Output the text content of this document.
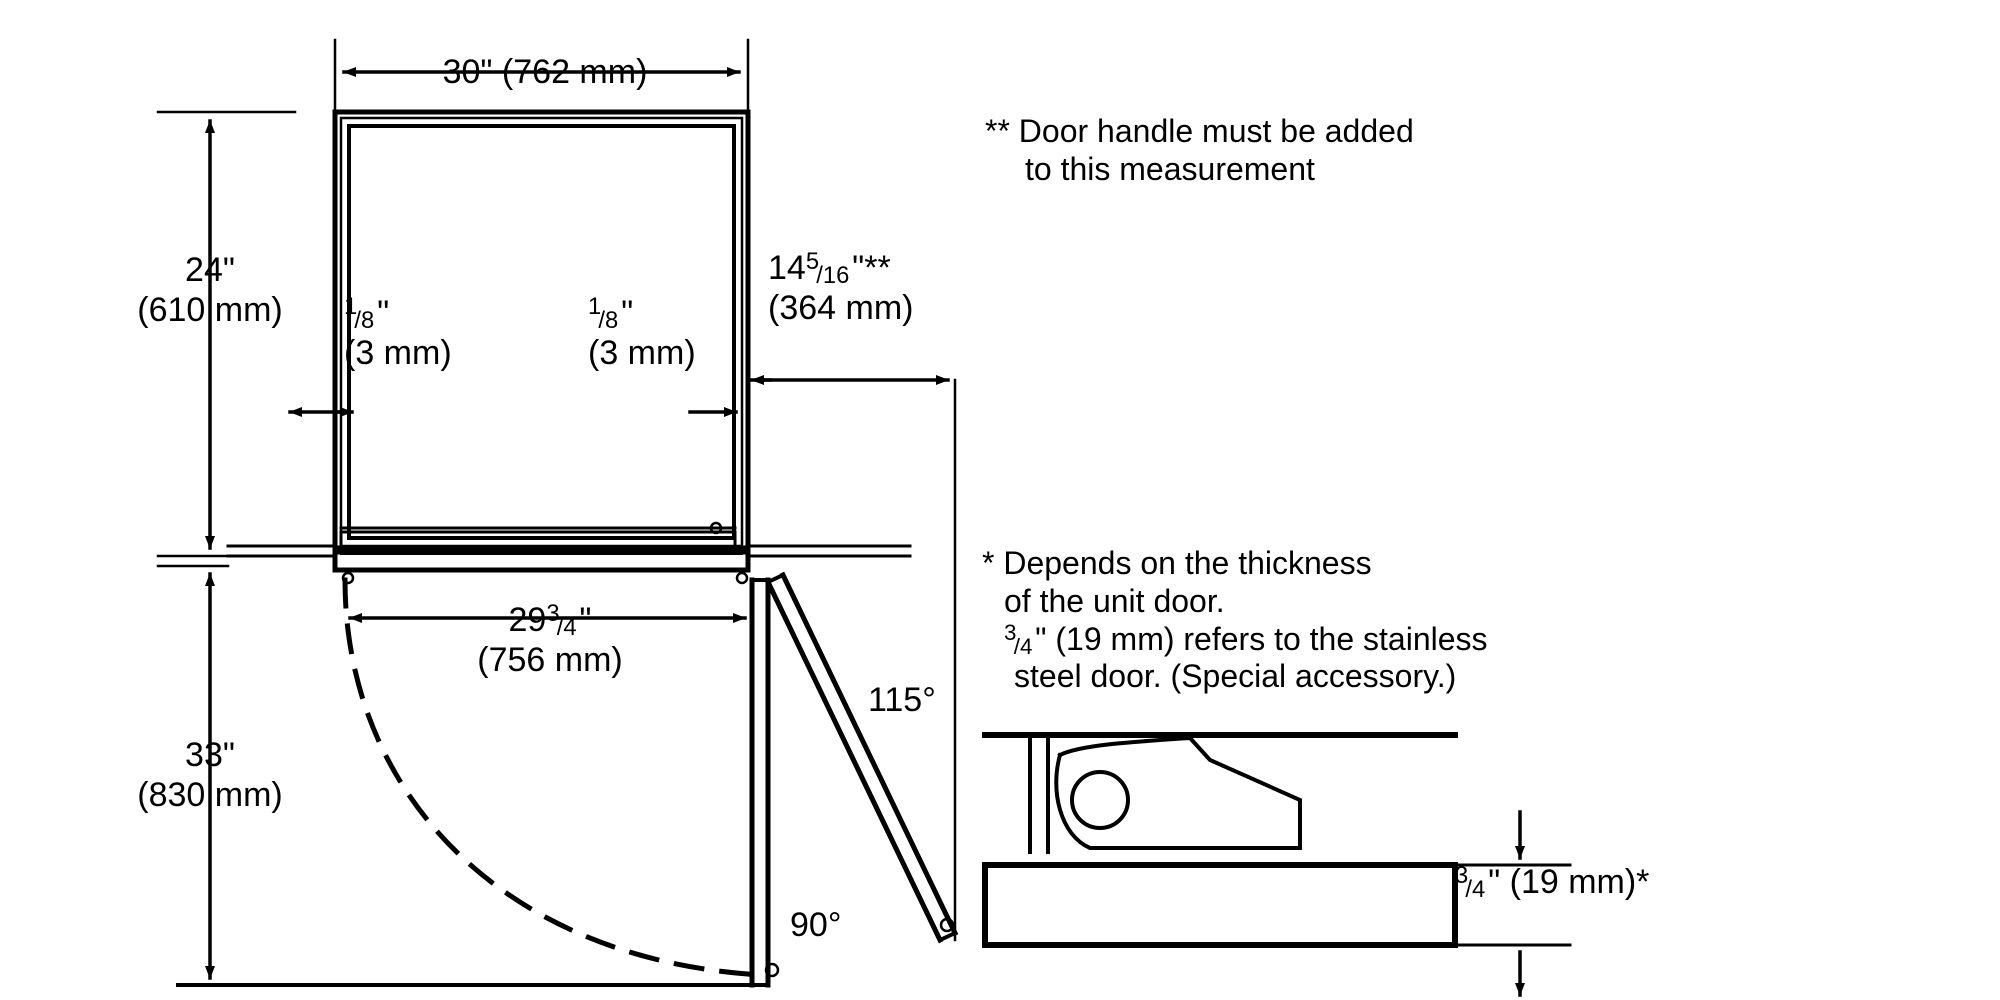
30" (762 mm)
24"
(610 mm)
33"
(830 mm)
1/8"
(3 mm)
1/8"
(3 mm)
145/16"**
(364 mm)
293/4"
(756 mm)
115°
90°
** Door handle must be added
to this measurement
* Depends on the thickness
of the unit door.
3/4" (19 mm) refers to the stainless
steel door. (Special accessory.)
3/4" (19 mm)*
